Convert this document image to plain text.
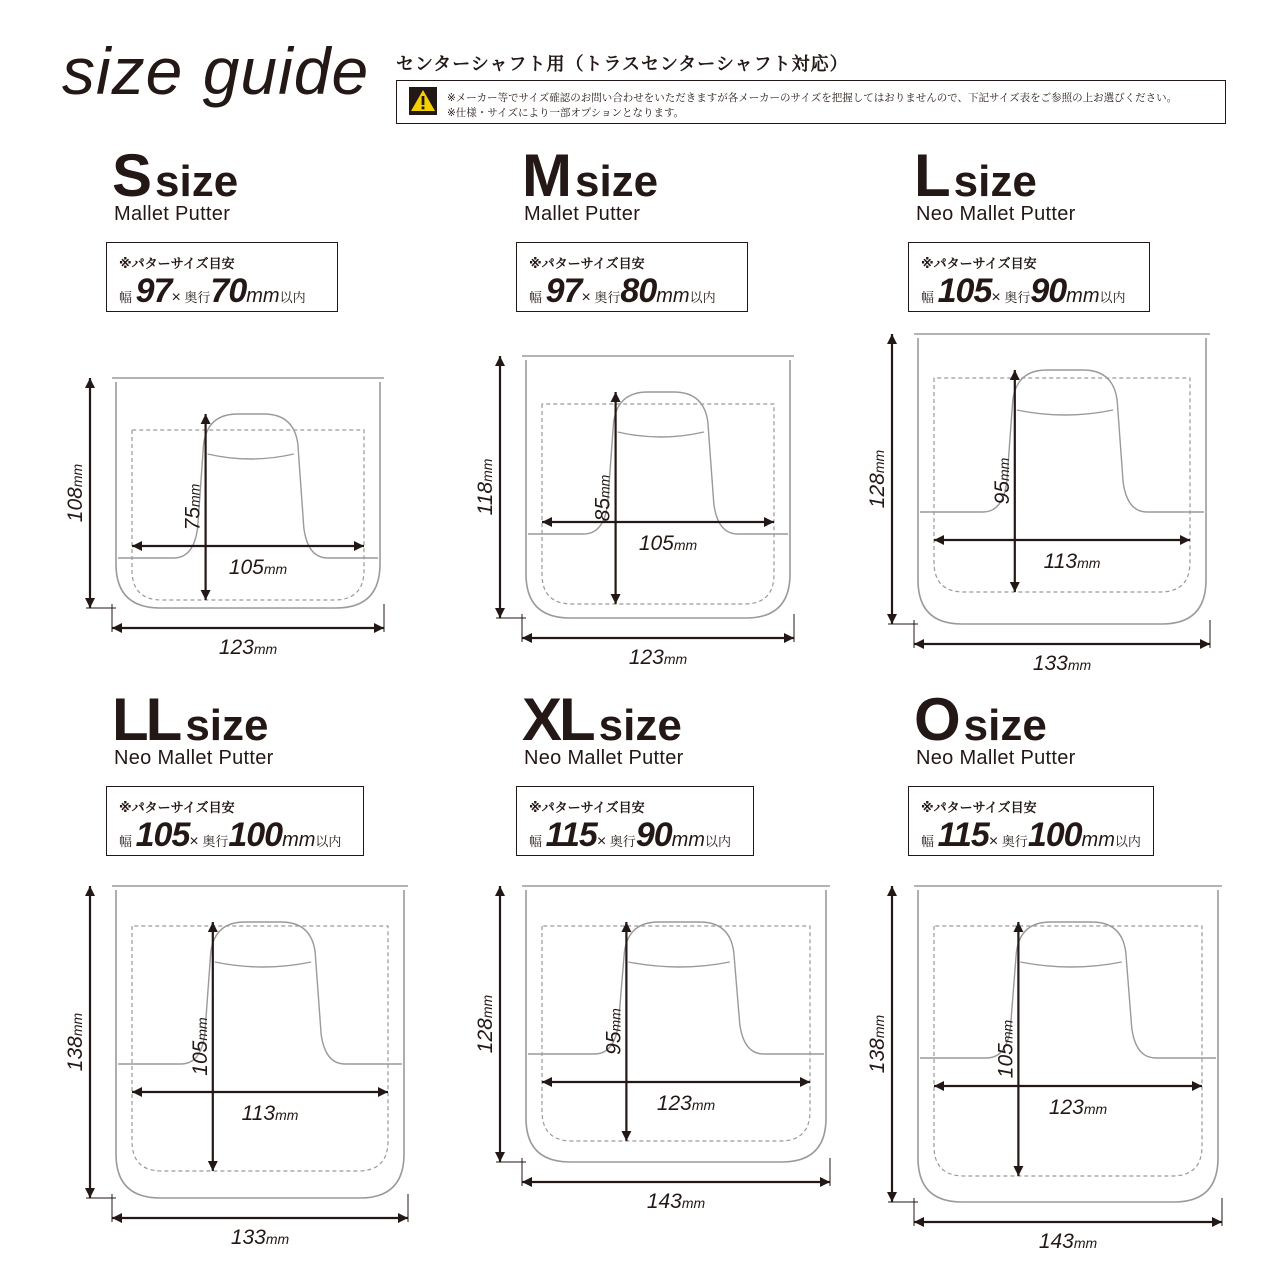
size guide センターシャフト用（トラスセンターシャフト対応）
※メーカー等でサイズ確認のお問い合わせをいただきますが各メーカーのサイズを把握してはおりませんので、下記サイズ表をご参照の上お選びください。
※仕様・サイズにより一部オプションとなります。
S size
Mallet Putter
※パターサイズ目安
幅 97× 奥行70mm以内
123mm
108mm
105mm
75mm
M size
Mallet Putter
※パターサイズ目安
幅 97× 奥行80mm以内
123mm
118mm
105mm
85mm
L size
Neo Mallet Putter
※パターサイズ目安
幅 105× 奥行90mm以内
133mm
128mm
113mm
95mm
LL size
Neo Mallet Putter
※パターサイズ目安
幅 105× 奥行100mm以内
133mm
138mm
113mm
105mm
XL size
Neo Mallet Putter
※パターサイズ目安
幅 115× 奥行90mm以内
143mm
128mm
123mm
95mm
O size
Neo Mallet Putter
※パターサイズ目安
幅 115× 奥行100mm以内
143mm
138mm
123mm
105mm
